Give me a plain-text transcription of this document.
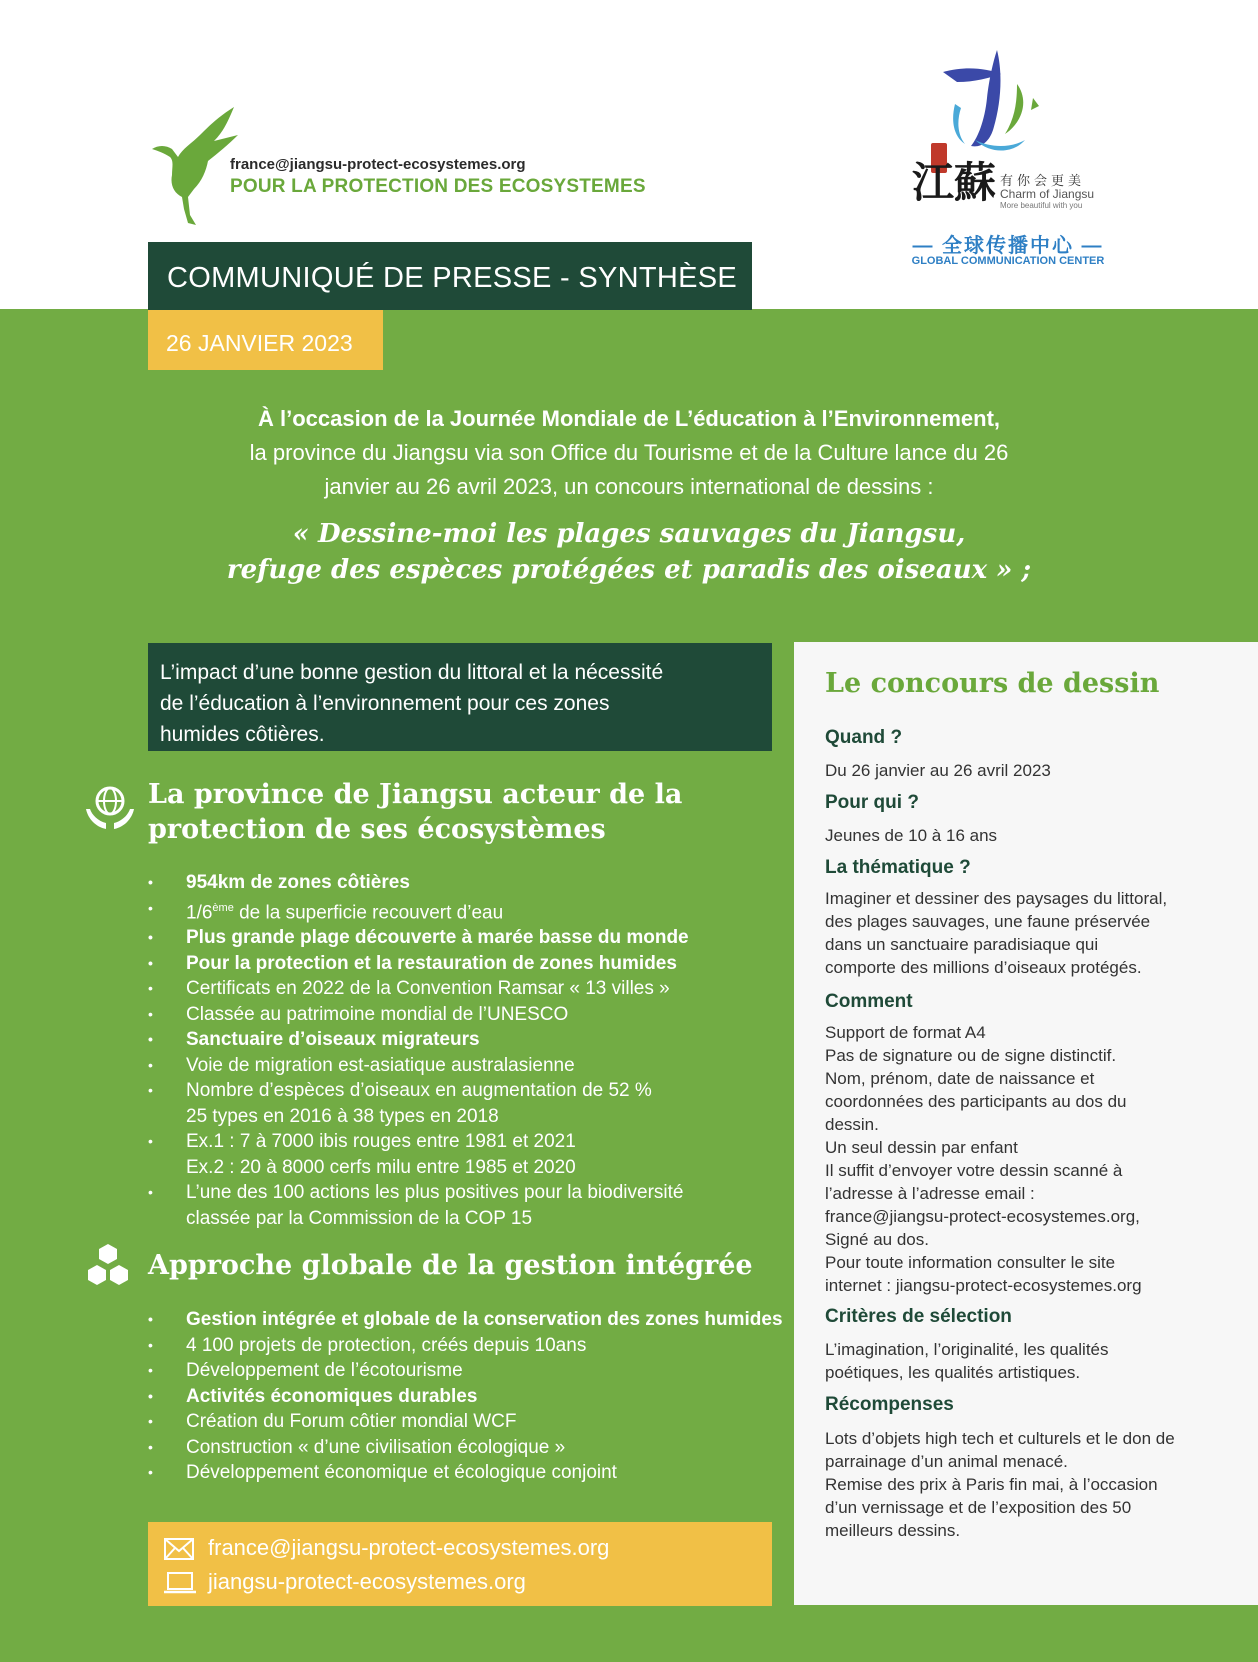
france@jiangsu-protect-ecosystemes.org
POUR LA PROTECTION DES ECOSYSTEMES	江蘇 有你会更美
Charm of Jiangsu
More beautiful with you
— 全球传播中心 —
GLOBAL COMMUNICATION CENTER
COMMUNIQUÉ DE PRESSE - SYNTHÈSE
26 JANVIER 2023
À l’occasion de la Journée Mondiale de L’éducation à l’Environnement,
la province du Jiangsu via son Office du Tourisme et de la Culture lance du 26
janvier au 26 avril 2023, un concours international de dessins :
« Dessine-moi les plages sauvages du Jiangsu,
refuge des espèces protégées et paradis des oiseaux » ;
L’impact d’une bonne gestion du littoral et la nécessité
de l’éducation à l’environnement pour ces zones
humides côtières.
La province de Jiangsu acteur de la
protection de ses écosystèmes
• 954km de zones côtières
• 1/6ème de la superficie recouvert d’eau
• Plus grande plage découverte à marée basse du monde
• Pour la protection et la restauration de zones humides
• Certificats en 2022 de la Convention Ramsar « 13 villes »
• Classée au patrimoine mondial de l’UNESCO
• Sanctuaire d’oiseaux migrateurs
• Voie de migration est-asiatique australasienne
• Nombre d’espèces d’oiseaux en augmentation de 52 %
25 types en 2016 à 38 types en 2018
• Ex.1 : 7 à 7000 ibis rouges entre 1981 et 2021
Ex.2 : 20 à 8000 cerfs milu entre 1985 et 2020
• L’une des 100 actions les plus positives pour la biodiversité
classée par la Commission de la COP 15
Approche globale de la gestion intégrée
• Gestion intégrée et globale de la conservation des zones humides
• 4 100 projets de protection, créés depuis 10ans
• Développement de l’écotourisme
• Activités économiques durables
• Création du Forum côtier mondial WCF
• Construction « d’une civilisation écologique »
• Développement économique et écologique conjoint
france@jiangsu-protect-ecosystemes.org
jiangsu-protect-ecosystemes.org
Le concours de dessin
Quand ?
Du 26 janvier au 26 avril 2023
Pour qui ?
Jeunes de 10 à 16 ans
La thématique ?
Imaginer et dessiner des paysages du littoral,
des plages sauvages, une faune préservée
dans un sanctuaire paradisiaque qui
comporte des millions d’oiseaux protégés.
Comment
Support de format A4
Pas de signature ou de signe distinctif.
Nom, prénom, date de naissance et
coordonnées des participants au dos du
dessin.
Un seul dessin par enfant
Il suffit d’envoyer votre dessin scanné à
l’adresse à l’adresse email :
france@jiangsu-protect-ecosystemes.org,
Signé au dos.
Pour toute information consulter le site
internet : jiangsu-protect-ecosystemes.org
Critères de sélection
L’imagination, l’originalité, les qualités
poétiques, les qualités artistiques.
Récompenses
Lots d’objets high tech et culturels et le don de
parrainage d’un animal menacé.
Remise des prix à Paris fin mai, à l’occasion
d’un vernissage et de l’exposition des 50
meilleurs dessins.
